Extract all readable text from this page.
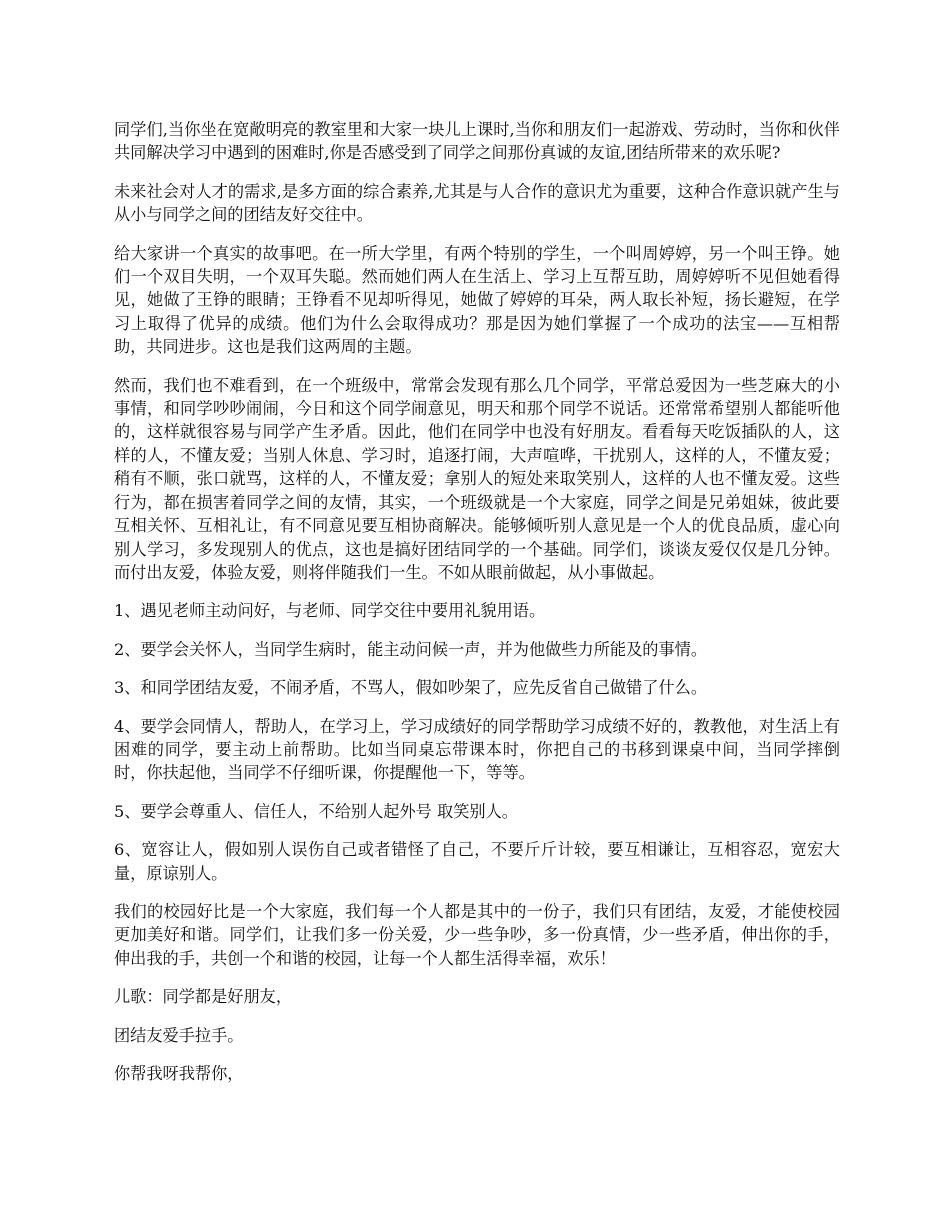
同学们,当你坐在宽敞明亮的教室里和大家一块儿上课时,当你和朋友们一起游戏、劳动时，当你和伙伴共同解决学习中遇到的困难时,你是否感受到了同学之间那份真诚的友谊,团结所带来的欢乐呢?

未来社会对人才的需求,是多方面的综合素养,尤其是与人合作的意识尤为重要，这种合作意识就产生与从小与同学之间的团结友好交往中。

给大家讲一个真实的故事吧。在一所大学里，有两个特别的学生，一个叫周婷婷，另一个叫王铮。她们一个双目失明，一个双耳失聪。然而她们两人在生活上、学习上互帮互助，周婷婷听不见但她看得见，她做了王铮的眼睛；王铮看不见却听得见，她做了婷婷的耳朵，两人取长补短，扬长避短，在学习上取得了优异的成绩。他们为什么会取得成功？那是因为她们掌握了一个成功的法宝——互相帮助，共同进步。这也是我们这两周的主题。

然而，我们也不难看到，在一个班级中，常常会发现有那么几个同学，平常总爱因为一些芝麻大的小事情，和同学吵吵闹闹，今日和这个同学闹意见，明天和那个同学不说话。还常常希望别人都能听他的，这样就很容易与同学产生矛盾。因此，他们在同学中也没有好朋友。看看每天吃饭插队的人，这样的人，不懂友爱；当别人休息、学习时，追逐打闹，大声喧哗，干扰别人，这样的人，不懂友爱；稍有不顺，张口就骂，这样的人，不懂友爱；拿别人的短处来取笑别人，这样的人也不懂友爱。这些行为，都在损害着同学之间的友情，其实，一个班级就是一个大家庭，同学之间是兄弟姐妹，彼此要互相关怀、互相礼让，有不同意见要互相协商解决。能够倾听别人意见是一个人的优良品质，虚心向别人学习，多发现别人的优点，这也是搞好团结同学的一个基础。同学们，谈谈友爱仅仅是几分钟。而付出友爱，体验友爱，则将伴随我们一生。不如从眼前做起，从小事做起。

1、遇见老师主动问好，与老师、同学交往中要用礼貌用语。

2、要学会关怀人，当同学生病时，能主动问候一声，并为他做些力所能及的事情。

3、和同学团结友爱，不闹矛盾，不骂人，假如吵架了，应先反省自己做错了什么。

4、要学会同情人，帮助人，在学习上，学习成绩好的同学帮助学习成绩不好的，教教他，对生活上有困难的同学，要主动上前帮助。比如当同桌忘带课本时，你把自己的书移到课桌中间，当同学摔倒时，你扶起他，当同学不仔细听课，你提醒他一下，等等。

5、要学会尊重人、信任人，不给别人起外号 取笑别人。

6、宽容让人，假如别人误伤自己或者错怪了自己，不要斤斤计较，要互相谦让，互相容忍，宽宏大量，原谅别人。

我们的校园好比是一个大家庭，我们每一个人都是其中的一份子，我们只有团结，友爱，才能使校园更加美好和谐。同学们，让我们多一份关爱，少一些争吵，多一份真情，少一些矛盾，伸出你的手，伸出我的手，共创一个和谐的校园，让每一个人都生活得幸福，欢乐！

儿歌：同学都是好朋友，

团结友爱手拉手。

你帮我呀我帮你，
